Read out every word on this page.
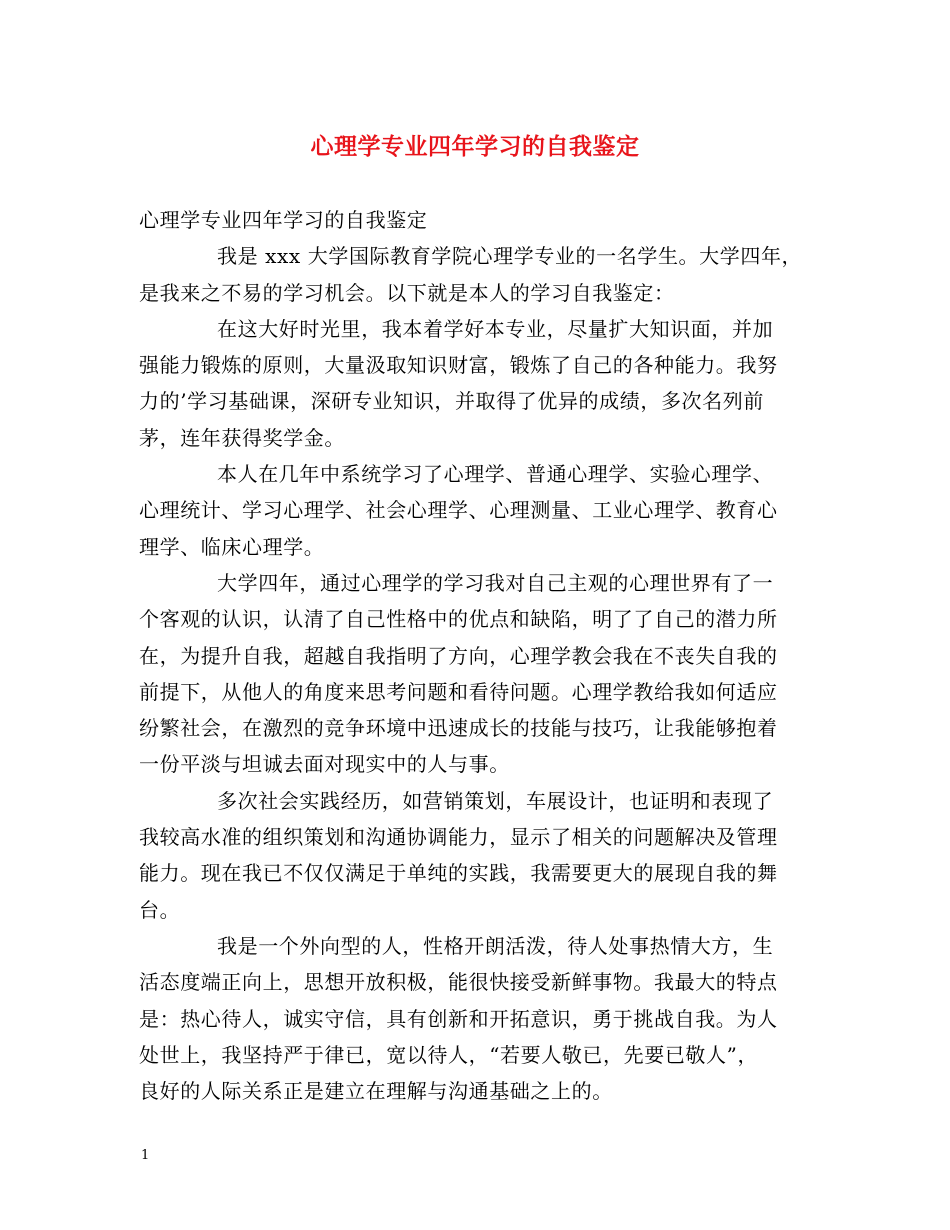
心理学专业四年学习的自我鉴定

心理学专业四年学习的自我鉴定

我是 xxx 大学国际教育学院心理学专业的一名学生。大学四年，
是我来之不易的学习机会。以下就是本人的学习自我鉴定：

在这大好时光里，我本着学好本专业，尽量扩大知识面，并加
强能力锻炼的原则，大量汲取知识财富，锻炼了自己的各种能力。我努
力的’学习基础课，深研专业知识，并取得了优异的成绩，多次名列前
茅，连年获得奖学金。

本人在几年中系统学习了心理学、普通心理学、实验心理学、
心理统计、学习心理学、社会心理学、心理测量、工业心理学、教育心
理学、临床心理学。

大学四年，通过心理学的学习我对自己主观的心理世界有了一
个客观的认识，认清了自己性格中的优点和缺陷，明了了自己的潜力所
在，为提升自我，超越自我指明了方向，心理学教会我在不丧失自我的
前提下，从他人的角度来思考问题和看待问题。心理学教给我如何适应
纷繁社会，在激烈的竞争环境中迅速成长的技能与技巧，让我能够抱着
一份平淡与坦诚去面对现实中的人与事。

多次社会实践经历，如营销策划，车展设计，也证明和表现了
我较高水准的组织策划和沟通协调能力，显示了相关的问题解决及管理
能力。现在我已不仅仅满足于单纯的实践，我需要更大的展现自我的舞
台。

我是一个外向型的人，性格开朗活泼，待人处事热情大方，生
活态度端正向上，思想开放积极，能很快接受新鲜事物。我最大的特点
是：热心待人，诚实守信，具有创新和开拓意识，勇于挑战自我。为人
处世上，我坚持严于律已，宽以待人，“若要人敬已，先要已敬人”，
良好的人际关系正是建立在理解与沟通基础之上的。

1
